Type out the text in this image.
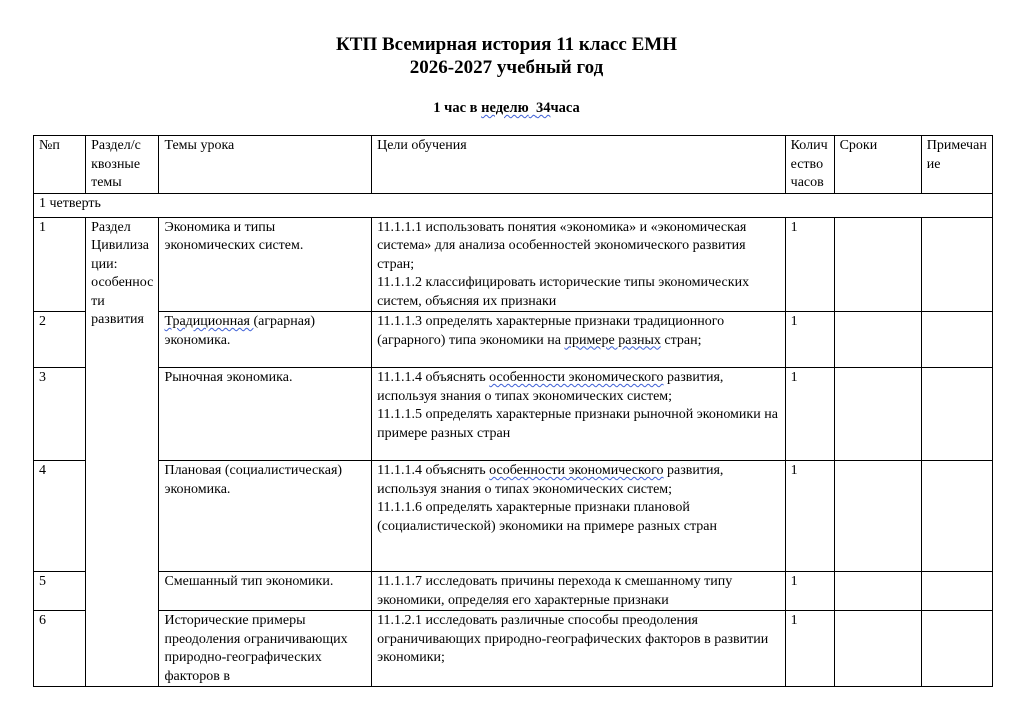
КТП Всемирная история 11 класс ЕМН
2026-2027 учебный год
1 час в неделю 34часа
№п	Раздел/с квозные темы	Темы урока	Цели обучения	Количество часов	Сроки	Примечание
1 четверть						
1	Раздел Цивилизации: особенности развития	Экономика и типы экономических систем.	11.1.1.1 использовать понятия «экономика» и «экономическая система» для анализа особенностей экономического развития стран;
11.1.1.2 классифицировать исторические типы экономических систем, объясняя их признаки	1		
2		Традиционная (аграрная) экономика.	11.1.1.3 определять характерные признаки традиционного (аграрного) типа экономики на примере разных стран;	1		
3		Рыночная экономика.	11.1.1.4 объяснять особенности экономического развития, используя знания о типах экономических систем;
11.1.1.5 определять характерные признаки рыночной экономики на примере разных стран	1		
4		Плановая (социалистическая) экономика.	11.1.1.4 объяснять особенности экономического развития, используя знания о типах экономических систем;
11.1.1.6 определять характерные признаки плановой (социалистической) экономики на примере разных стран	1		
5		Смешанный тип экономики.	11.1.1.7 исследовать причины перехода к смешанному типу экономики, определяя его характерные признаки	1		
6		Исторические примеры преодоления ограничивающих природно-географических факторов в	11.1.2.1 исследовать различные способы преодоления ограничивающих природно-географических факторов в развитии экономики;	1		
